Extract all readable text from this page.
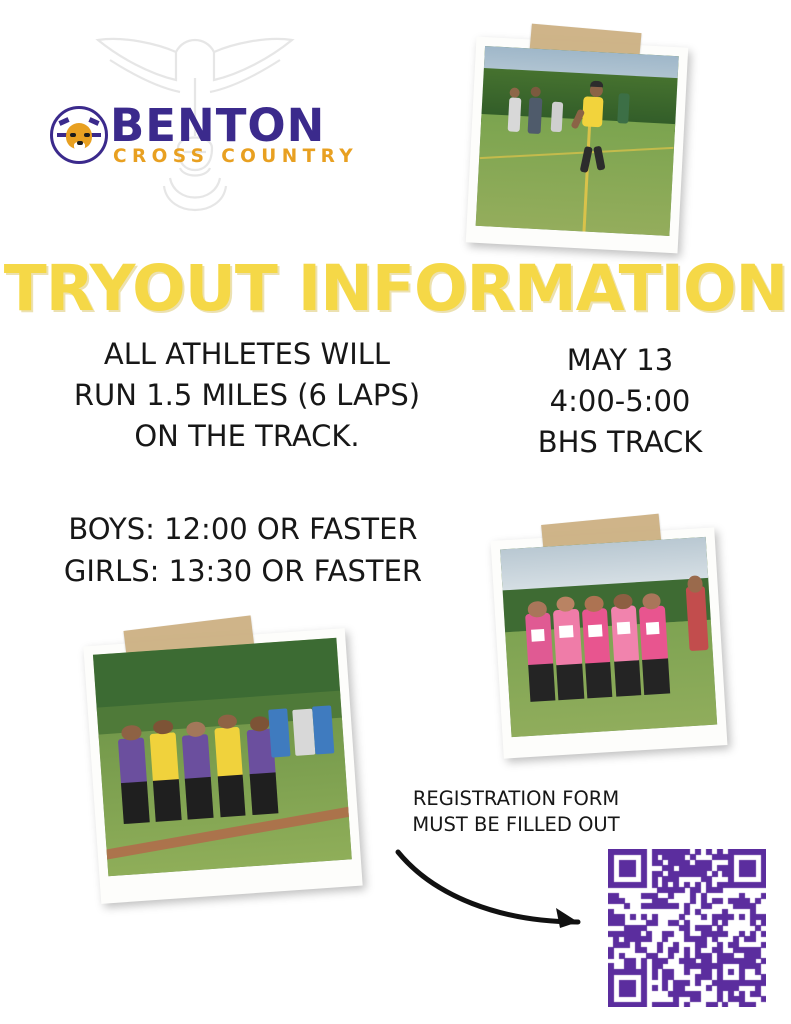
BENTON
CROSS COUNTRY
TRYOUT INFORMATION
ALL ATHLETES WILL
RUN 1.5 MILES (6 LAPS)
ON THE TRACK.
MAY 13
4:00-5:00
BHS TRACK
BOYS: 12:00 OR FASTER
GIRLS: 13:30 OR FASTER
REGISTRATION FORM
MUST BE FILLED OUT
